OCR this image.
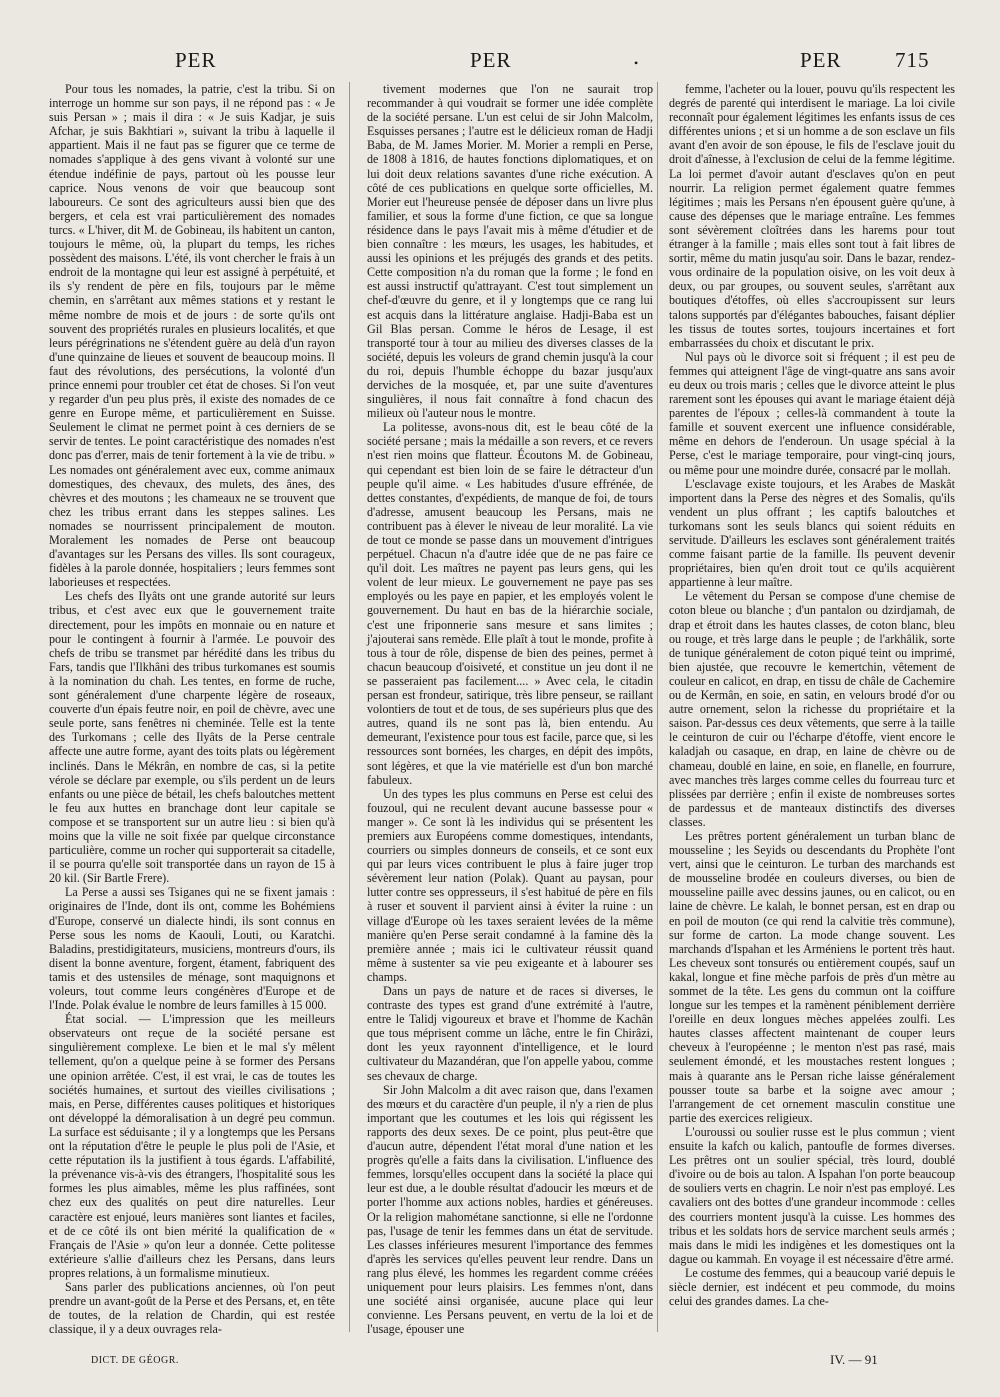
PER	PER	•	PER	715

Pour tous les nomades, la patrie, c'est la tribu. Si on interroge un homme sur son pays, il ne répond pas : « Je suis Persan » ; mais il dira : « Je suis Kadjar, je suis Afchar, je suis Bakhtiari », suivant la tribu à laquelle il appartient. Mais il ne faut pas se figurer que ce terme de nomades s'applique à des gens vivant à volonté sur une étendue indéfinie de pays, partout où les pousse leur caprice. Nous venons de voir que beaucoup sont laboureurs. Ce sont des agriculteurs aussi bien que des bergers, et cela est vrai particulièrement des nomades turcs. « L'hiver, dit M. de Gobineau, ils habitent un canton, toujours le même, où, la plupart du temps, les riches possèdent des maisons. L'été, ils vont chercher le frais à un endroit de la montagne qui leur est assigné à perpétuité, et ils s'y rendent de père en fils, toujours par le même chemin, en s'arrêtant aux mêmes stations et y restant le même nombre de mois et de jours : de sorte qu'ils ont souvent des propriétés rurales en plusieurs localités, et que leurs pérégrinations ne s'étendent guère au delà d'un rayon d'une quinzaine de lieues et souvent de beaucoup moins. Il faut des révolutions, des persécutions, la volonté d'un prince ennemi pour troubler cet état de choses. Si l'on veut y regarder d'un peu plus près, il existe des nomades de ce genre en Europe même, et particulièrement en Suisse. Seulement le climat ne permet point à ces derniers de se servir de tentes. Le point caractéristique des nomades n'est donc pas d'errer, mais de tenir fortement à la vie de tribu. » Les nomades ont généralement avec eux, comme animaux domestiques, des chevaux, des mulets, des ânes, des chèvres et des moutons ; les chameaux ne se trouvent que chez les tribus errant dans les steppes salines. Les nomades se nourrissent principalement de mouton. Moralement les nomades de Perse ont beaucoup d'avantages sur les Persans des villes. Ils sont courageux, fidèles à la parole donnée, hospitaliers ; leurs femmes sont laborieuses et respectées.

Les chefs des Ilyâts ont une grande autorité sur leurs tribus, et c'est avec eux que le gouvernement traite directement, pour les impôts en monnaie ou en nature et pour le contingent à fournir à l'armée. Le pouvoir des chefs de tribu se transmet par hérédité dans les tribus du Fars, tandis que l'Ilkhâni des tribus turkomanes est soumis à la nomination du chah. Les tentes, en forme de ruche, sont généralement d'une charpente légère de roseaux, couverte d'un épais feutre noir, en poil de chèvre, avec une seule porte, sans fenêtres ni cheminée. Telle est la tente des Turkomans ; celle des Ilyâts de la Perse centrale affecte une autre forme, ayant des toits plats ou légèrement inclinés. Dans le Mékrân, en nombre de cas, si la petite vérole se déclare par exemple, ou s'ils perdent un de leurs enfants ou une pièce de bétail, les chefs baloutches mettent le feu aux huttes en branchage dont leur capitale se compose et se transportent sur un autre lieu : si bien qu'à moins que la ville ne soit fixée par quelque circonstance particulière, comme un rocher qui supporterait sa citadelle, il se pourra qu'elle soit transportée dans un rayon de 15 à 20 kil. (Sir Bartle Frere).

La Perse a aussi ses Tsiganes qui ne se fixent jamais : originaires de l'Inde, dont ils ont, comme les Bohémiens d'Europe, conservé un dialecte hindi, ils sont connus en Perse sous les noms de Kaouli, Louti, ou Karatchi. Baladins, prestidigitateurs, musiciens, montreurs d'ours, ils disent la bonne aventure, forgent, étament, fabriquent des tamis et des ustensiles de ménage, sont maquignons et voleurs, tout comme leurs congénères d'Europe et de l'Inde. Polak évalue le nombre de leurs familles à 15 000.

État social. — L'impression que les meilleurs observateurs ont reçue de la société persane est singulièrement complexe. Le bien et le mal s'y mêlent tellement, qu'on a quelque peine à se former des Persans une opinion arrêtée. C'est, il est vrai, le cas de toutes les sociétés humaines, et surtout des vieilles civilisations ; mais, en Perse, différentes causes politiques et historiques ont développé la démoralisation à un degré peu commun. La surface est séduisante ; il y a longtemps que les Persans ont la réputation d'être le peuple le plus poli de l'Asie, et cette réputation ils la justifient à tous égards. L'affabilité, la prévenance vis-à-vis des étrangers, l'hospitalité sous les formes les plus aimables, même les plus raffinées, sont chez eux des qualités on peut dire naturelles. Leur caractère est enjoué, leurs manières sont liantes et faciles, et de ce côté ils ont bien mérité la qualification de « Français de l'Asie » qu'on leur a donnée. Cette politesse extérieure s'allie d'ailleurs chez les Persans, dans leurs propres relations, à un formalisme minutieux.

Sans parler des publications anciennes, où l'on peut prendre un avant-goût de la Perse et des Persans, et, en tête de toutes, de la relation de Chardin, qui est restée classique, il y a deux ouvrages rela-

tivement modernes que l'on ne saurait trop recommander à qui voudrait se former une idée complète de la société persane. L'un est celui de sir John Malcolm, Esquisses persanes ; l'autre est le délicieux roman de Hadji Baba, de M. James Morier. M. Morier a rempli en Perse, de 1808 à 1816, de hautes fonctions diplomatiques, et on lui doit deux relations savantes d'une riche exécution. A côté de ces publications en quelque sorte officielles, M. Morier eut l'heureuse pensée de déposer dans un livre plus familier, et sous la forme d'une fiction, ce que sa longue résidence dans le pays l'avait mis à même d'étudier et de bien connaître : les mœurs, les usages, les habitudes, et aussi les opinions et les préjugés des grands et des petits. Cette composition n'a du roman que la forme ; le fond en est aussi instructif qu'attrayant. C'est tout simplement un chef-d'œuvre du genre, et il y longtemps que ce rang lui est acquis dans la littérature anglaise. Hadji-Baba est un Gil Blas persan. Comme le héros de Lesage, il est transporté tour à tour au milieu des diverses classes de la société, depuis les voleurs de grand chemin jusqu'à la cour du roi, depuis l'humble échoppe du bazar jusqu'aux derviches de la mosquée, et, par une suite d'aventures singulières, il nous fait connaître à fond chacun des milieux où l'auteur nous le montre.

La politesse, avons-nous dit, est le beau côté de la société persane ; mais la médaille a son revers, et ce revers n'est rien moins que flatteur. Écoutons M. de Gobineau, qui cependant est bien loin de se faire le détracteur d'un peuple qu'il aime. « Les habitudes d'usure effrénée, de dettes constantes, d'expédients, de manque de foi, de tours d'adresse, amusent beaucoup les Persans, mais ne contribuent pas à élever le niveau de leur moralité. La vie de tout ce monde se passe dans un mouvement d'intrigues perpétuel. Chacun n'a d'autre idée que de ne pas faire ce qu'il doit. Les maîtres ne payent pas leurs gens, qui les volent de leur mieux. Le gouvernement ne paye pas ses employés ou les paye en papier, et les employés volent le gouvernement. Du haut en bas de la hiérarchie sociale, c'est une friponnerie sans mesure et sans limites ; j'ajouterai sans remède. Elle plaît à tout le monde, profite à tous à tour de rôle, dispense de bien des peines, permet à chacun beaucoup d'oisiveté, et constitue un jeu dont il ne se passeraient pas facilement.... » Avec cela, le citadin persan est frondeur, satirique, très libre penseur, se raillant volontiers de tout et de tous, de ses supérieurs plus que des autres, quand ils ne sont pas là, bien entendu. Au demeurant, l'existence pour tous est facile, parce que, si les ressources sont bornées, les charges, en dépit des impôts, sont légères, et que la vie matérielle est d'un bon marché fabuleux.

Un des types les plus communs en Perse est celui des fouzoul, qui ne reculent devant aucune bassesse pour « manger ». Ce sont là les individus qui se présentent les premiers aux Européens comme domestiques, intendants, courriers ou simples donneurs de conseils, et ce sont eux qui par leurs vices contribuent le plus à faire juger trop sévèrement leur nation (Polak). Quant au paysan, pour lutter contre ses oppresseurs, il s'est habitué de père en fils à ruser et souvent il parvient ainsi à éviter la ruine : un village d'Europe où les taxes seraient levées de la même manière qu'en Perse serait condamné à la famine dès la première année ; mais ici le cultivateur réussit quand même à sustenter sa vie peu exigeante et à labourer ses champs.

Dans un pays de nature et de races si diverses, le contraste des types est grand d'une extrémité à l'autre, entre le Talidj vigoureux et brave et l'homme de Kachân que tous méprisent comme un lâche, entre le fin Chirâzi, dont les yeux rayonnent d'intelligence, et le lourd cultivateur du Mazandéran, que l'on appelle yabou, comme ses chevaux de charge.

Sir John Malcolm a dit avec raison que, dans l'examen des mœurs et du caractère d'un peuple, il n'y a rien de plus important que les coutumes et les lois qui régissent les rapports des deux sexes. De ce point, plus peut-être que d'aucun autre, dépendent l'état moral d'une nation et les progrès qu'elle a faits dans la civilisation. L'influence des femmes, lorsqu'elles occupent dans la société la place qui leur est due, a le double résultat d'adoucir les mœurs et de porter l'homme aux actions nobles, hardies et généreuses. Or la religion mahométane sanctionne, si elle ne l'ordonne pas, l'usage de tenir les femmes dans un état de servitude. Les classes inférieures mesurent l'importance des femmes d'après les services qu'elles peuvent leur rendre. Dans un rang plus élevé, les hommes les regardent comme créées uniquement pour leurs plaisirs. Les femmes n'ont, dans une société ainsi organisée, aucune place qui leur convienne. Les Persans peuvent, en vertu de la loi et de l'usage, épouser une

femme, l'acheter ou la louer, pouvu qu'ils respectent les degrés de parenté qui interdisent le mariage. La loi civile reconnaît pour également légitimes les enfants issus de ces différentes unions ; et si un homme a de son esclave un fils avant d'en avoir de son épouse, le fils de l'esclave jouit du droit d'aînesse, à l'exclusion de celui de la femme légitime. La loi permet d'avoir autant d'esclaves qu'on en peut nourrir. La religion permet également quatre femmes légitimes ; mais les Persans n'en épousent guère qu'une, à cause des dépenses que le mariage entraîne. Les femmes sont sévèrement cloîtrées dans les harems pour tout étranger à la famille ; mais elles sont tout à fait libres de sortir, même du matin jusqu'au soir. Dans le bazar, rendez-vous ordinaire de la population oisive, on les voit deux à deux, ou par groupes, ou souvent seules, s'arrêtant aux boutiques d'étoffes, où elles s'accroupissent sur leurs talons supportés par d'élégantes babouches, faisant déplier les tissus de toutes sortes, toujours incertaines et fort embarrassées du choix et discutant le prix.

Nul pays où le divorce soit si fréquent ; il est peu de femmes qui atteignent l'âge de vingt-quatre ans sans avoir eu deux ou trois maris ; celles que le divorce atteint le plus rarement sont les épouses qui avant le mariage étaient déjà parentes de l'époux ; celles-là commandent à toute la famille et souvent exercent une influence considérable, même en dehors de l'enderoun. Un usage spécial à la Perse, c'est le mariage temporaire, pour vingt-cinq jours, ou même pour une moindre durée, consacré par le mollah.

L'esclavage existe toujours, et les Arabes de Maskât importent dans la Perse des nègres et des Somalis, qu'ils vendent un plus offrant ; les captifs baloutches et turkomans sont les seuls blancs qui soient réduits en servitude. D'ailleurs les esclaves sont généralement traités comme faisant partie de la famille. Ils peuvent devenir propriétaires, bien qu'en droit tout ce qu'ils acquièrent appartienne à leur maître.

Le vêtement du Persan se compose d'une chemise de coton bleue ou blanche ; d'un pantalon ou dzirdjamah, de drap et étroit dans les hautes classes, de coton blanc, bleu ou rouge, et très large dans le peuple ; de l'arkhâlik, sorte de tunique généralement de coton piqué teint ou imprimé, bien ajustée, que recouvre le kemertchin, vêtement de couleur en calicot, en drap, en tissu de châle de Cachemire ou de Kermân, en soie, en satin, en velours brodé d'or ou autre ornement, selon la richesse du propriétaire et la saison. Par-dessus ces deux vêtements, que serre à la taille le ceinturon de cuir ou l'écharpe d'étoffe, vient encore le kaladjah ou casaque, en drap, en laine de chèvre ou de chameau, doublé en laine, en soie, en flanelle, en fourrure, avec manches très larges comme celles du fourreau turc et plissées par derrière ; enfin il existe de nombreuses sortes de pardessus et de manteaux distinctifs des diverses classes.

Les prêtres portent généralement un turban blanc de mousseline ; les Seyids ou descendants du Prophète l'ont vert, ainsi que le ceinturon. Le turban des marchands est de mousseline brodée en couleurs diverses, ou bien de mousseline paille avec dessins jaunes, ou en calicot, ou en laine de chèvre. Le kalah, le bonnet persan, est en drap ou en poil de mouton (ce qui rend la calvitie très commune), sur forme de carton. La mode change souvent. Les marchands d'Ispahan et les Arméniens le portent très haut. Les cheveux sont tonsurés ou entièrement coupés, sauf un kakal, longue et fine mèche parfois de près d'un mètre au sommet de la tête. Les gens du commun ont la coiffure longue sur les tempes et la ramènent péniblement derrière l'oreille en deux longues mèches appelées zoulfi. Les hautes classes affectent maintenant de couper leurs cheveux à l'européenne ; le menton n'est pas rasé, mais seulement émondé, et les moustaches restent longues ; mais à quarante ans le Persan riche laisse généralement pousser toute sa barbe et la soigne avec amour ; l'arrangement de cet ornement masculin constitue une partie des exercices religieux.

L'ouroussi ou soulier russe est le plus commun ; vient ensuite la kafch ou kalich, pantoufle de formes diverses. Les prêtres ont un soulier spécial, très lourd, doublé d'ivoire ou de bois au talon. A Ispahan l'on porte beaucoup de souliers verts en chagrin. Le noir n'est pas employé. Les cavaliers ont des bottes d'une grandeur incommode : celles des courriers montent jusqu'à la cuisse. Les hommes des tribus et les soldats hors de service marchent seuls armés ; mais dans le midi les indigènes et les domestiques ont la dague ou kammah. En voyage il est nécessaire d'être armé.

Le costume des femmes, qui a beaucoup varié depuis le siècle dernier, est indécent et peu commode, du moins celui des grandes dames. La che-

DICT. DE GÉOGR.	IV. — 91
